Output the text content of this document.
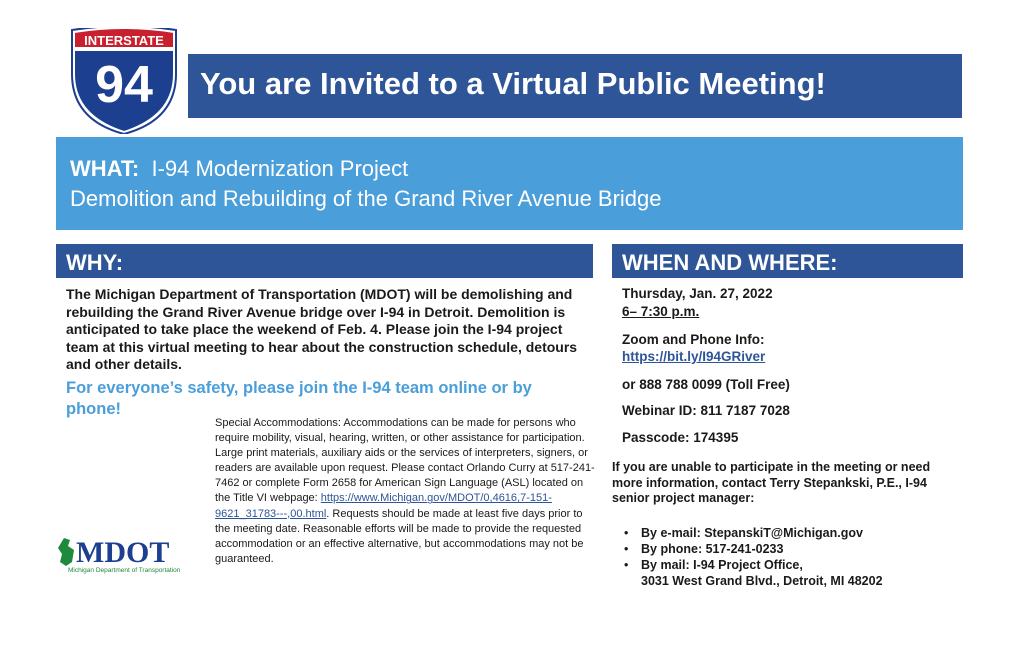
INTERSTATE
94 You are Invited to a Virtual Public Meeting!
WHAT: I-94 Modernization Project
Demolition and Rebuilding of the Grand River Avenue Bridge
WHY:	WHEN AND WHERE:
The Michigan Department of Transportation (MDOT) will be demolishing and rebuilding the Grand River Avenue bridge over I-94 in Detroit. Demolition is anticipated to take place the weekend of Feb. 4. Please join the I-94 project team at this virtual meeting to hear about the construction schedule, detours and other details.
For everyone’s safety, please join the I-94 team online or by phone!
Special Accommodations: Accommodations can be made for persons who require mobility, visual, hearing, written, or other assistance for participation. Large print materials, auxiliary aids or the services of interpreters, signers, or readers are available upon request. Please contact Orlando Curry at 517-241-7462 or complete Form 2658 for American Sign Language (ASL) located on the Title VI webpage: https://www.Michigan.gov/MDOT/0,4616,7-151-9621_31783---,00.html. Requests should be made at least five days prior to the meeting date. Reasonable efforts will be made to provide the requested accommodation or an effective alternative, but accommodations may not be guaranteed.
MDOT
Michigan Department of Transportation
Thursday, Jan. 27, 2022
6– 7:30 p.m.
Zoom and Phone Info:
https://bit.ly/I94GRiver
or 888 788 0099 (Toll Free)
Webinar ID: 811 7187 7028
Passcode: 174395
If you are unable to participate in the meeting or need more information, contact Terry Stepankski, P.E., I-94 senior project manager:
• By e-mail: StepanskiT@Michigan.gov
• By phone: 517-241-0233
• By mail: I-94 Project Office,
3031 West Grand Blvd., Detroit, MI 48202
